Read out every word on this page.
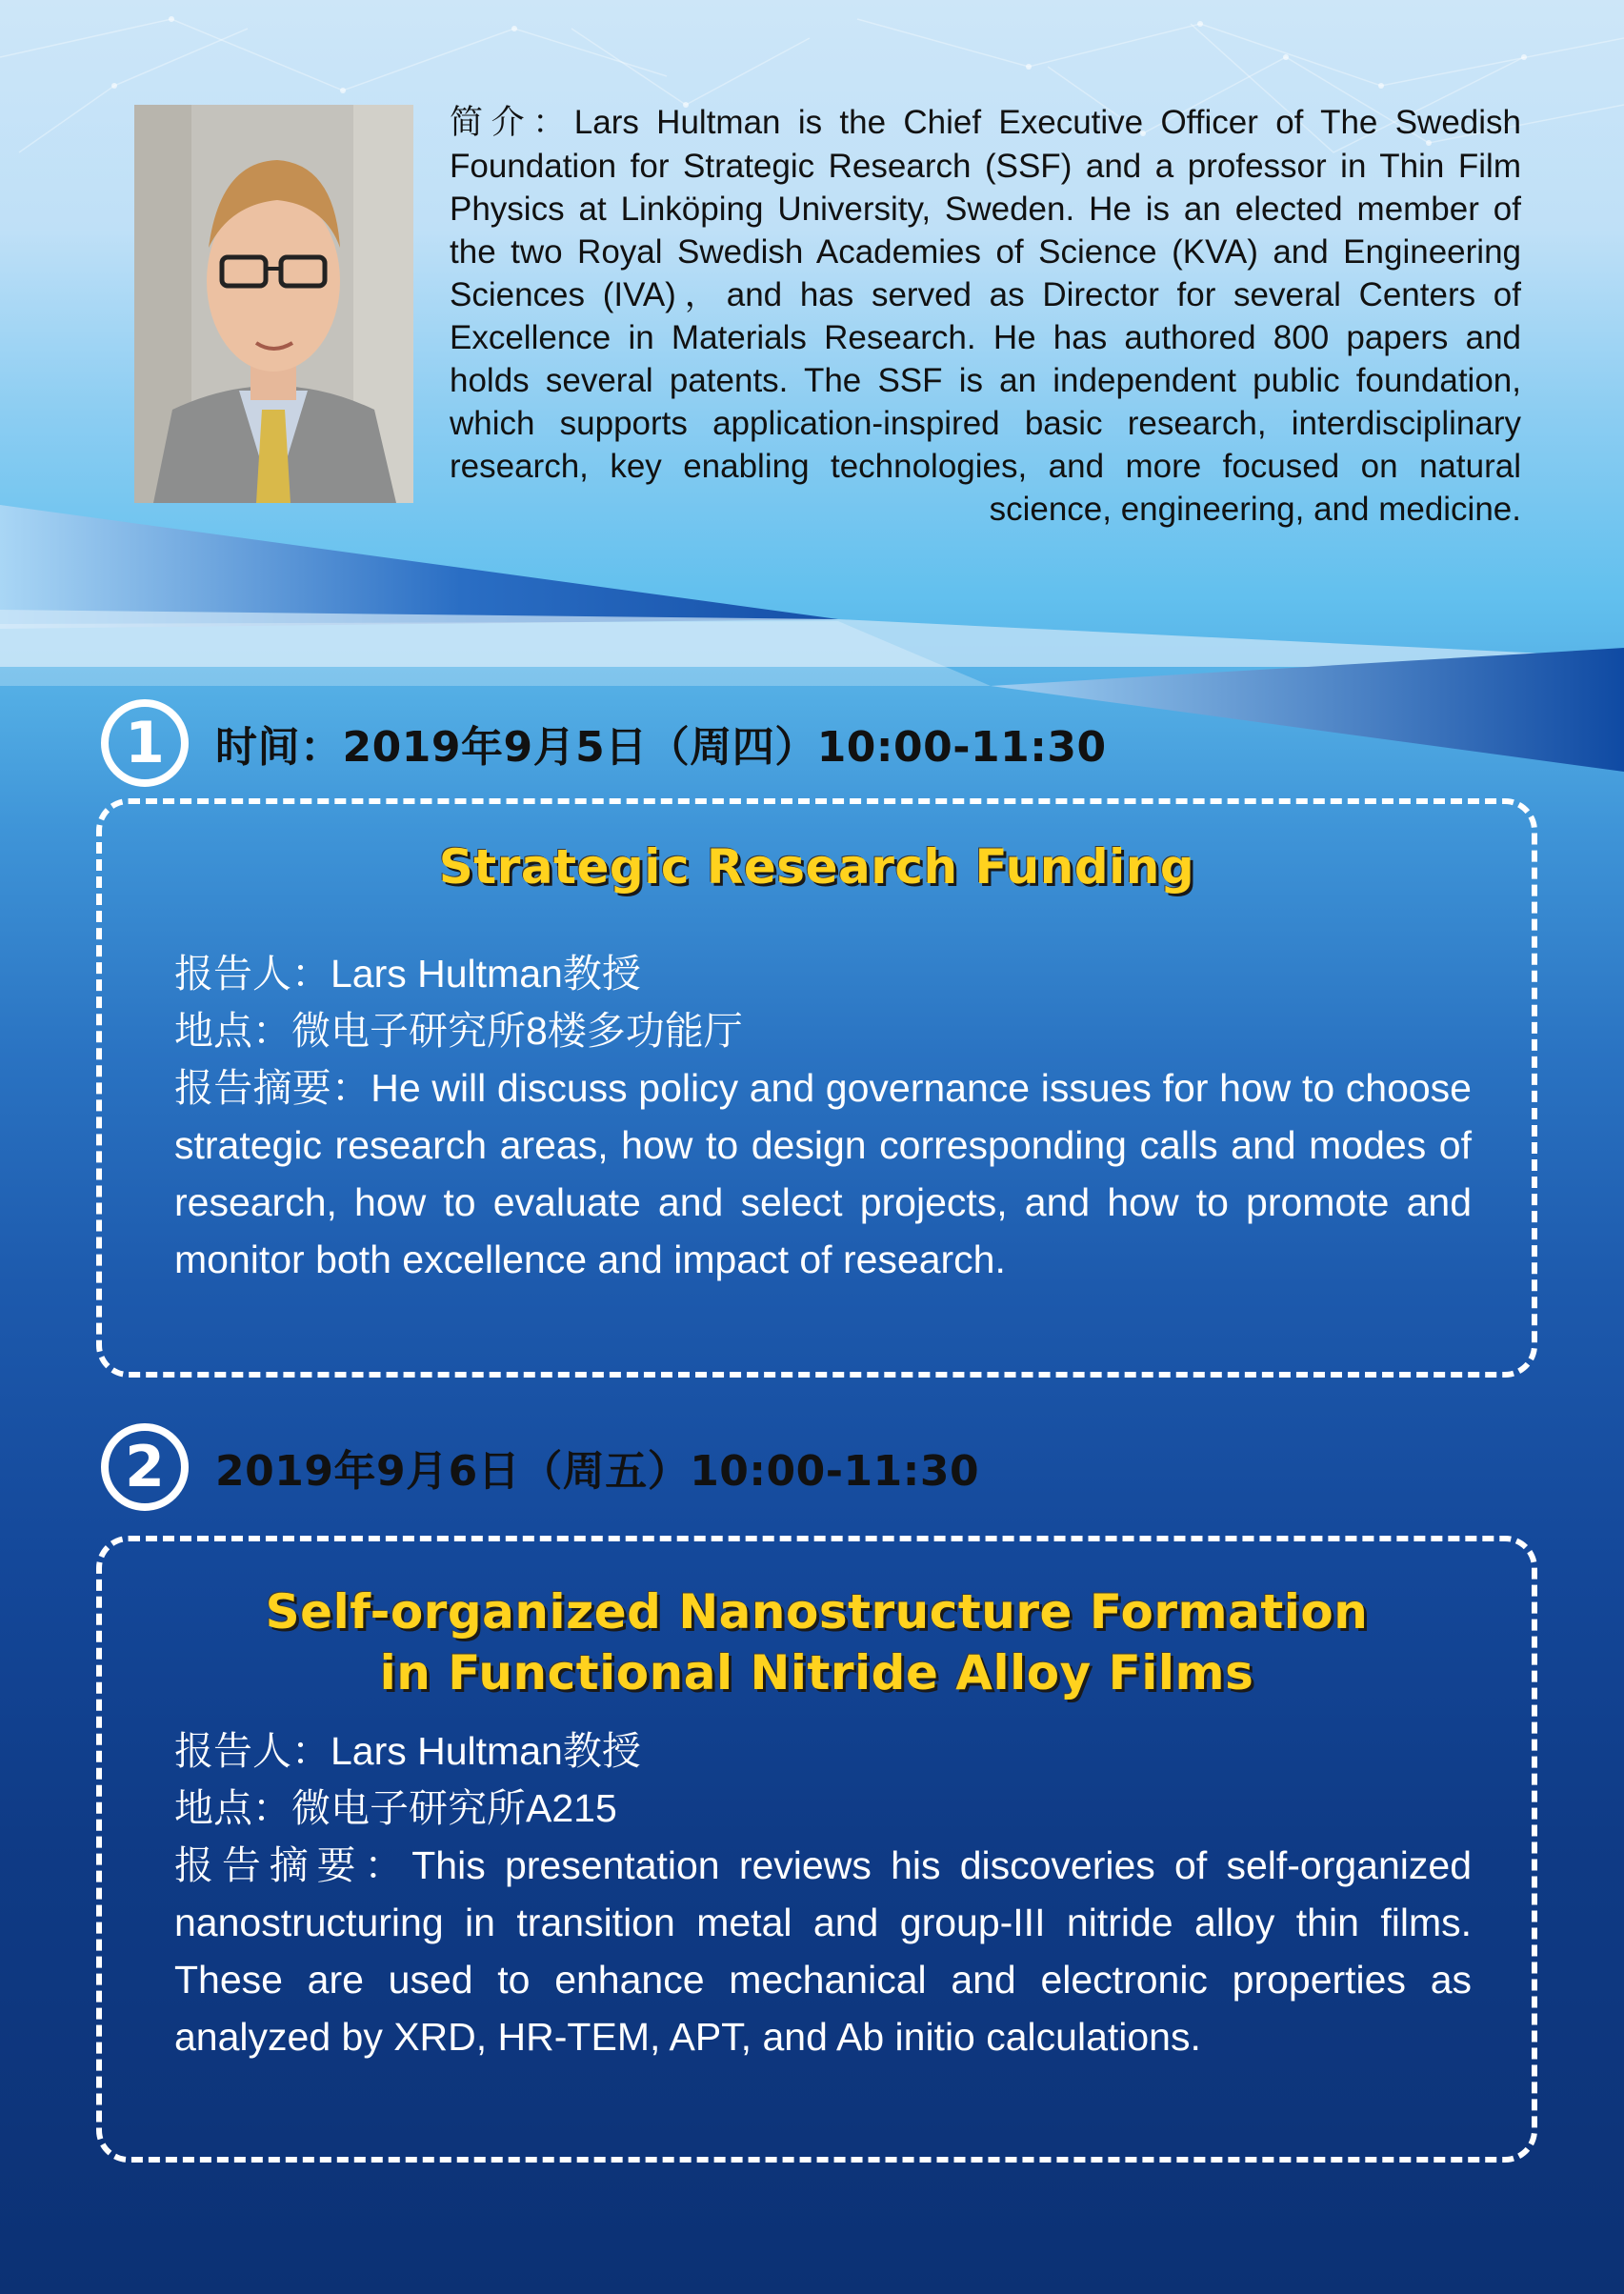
简介：Lars Hultman is the Chief Executive Officer of The Swedish Foundation for Strategic Research (SSF) and a professor in Thin Film Physics at Linköping University, Sweden. He is an elected member of the two Royal Swedish Academies of Science (KVA) and Engineering Sciences (IVA)，and has served as Director for several Centers of Excellence in Materials Research. He has authored 800 papers and holds several patents. The SSF is an independent public foundation, which supports application-inspired basic research, interdisciplinary research, key enabling technologies, and more focused on natural science, engineering, and medicine.

1	时间：2019年9月5日（周四）10:00-11:30
Strategic Research Funding

报告人：Lars Hultman教授

地点：微电子研究所8楼多功能厅

报告摘要：He will discuss policy and governance issues for how to choose strategic research areas, how to design corresponding calls and modes of research, how to evaluate and select projects, and how to promote and monitor both excellence and impact of research.

2	2019年9月6日（周五）10:00-11:30
Self-organized Nanostructure Formation
in Functional Nitride Alloy Films

报告人：Lars Hultman教授

地点：微电子研究所A215

报告摘要：This presentation reviews his discoveries of self-organized nanostructuring in transition metal and group-III nitride alloy thin films. These are used to enhance mechanical and electronic properties as analyzed by XRD, HR-TEM, APT, and Ab initio calculations.
